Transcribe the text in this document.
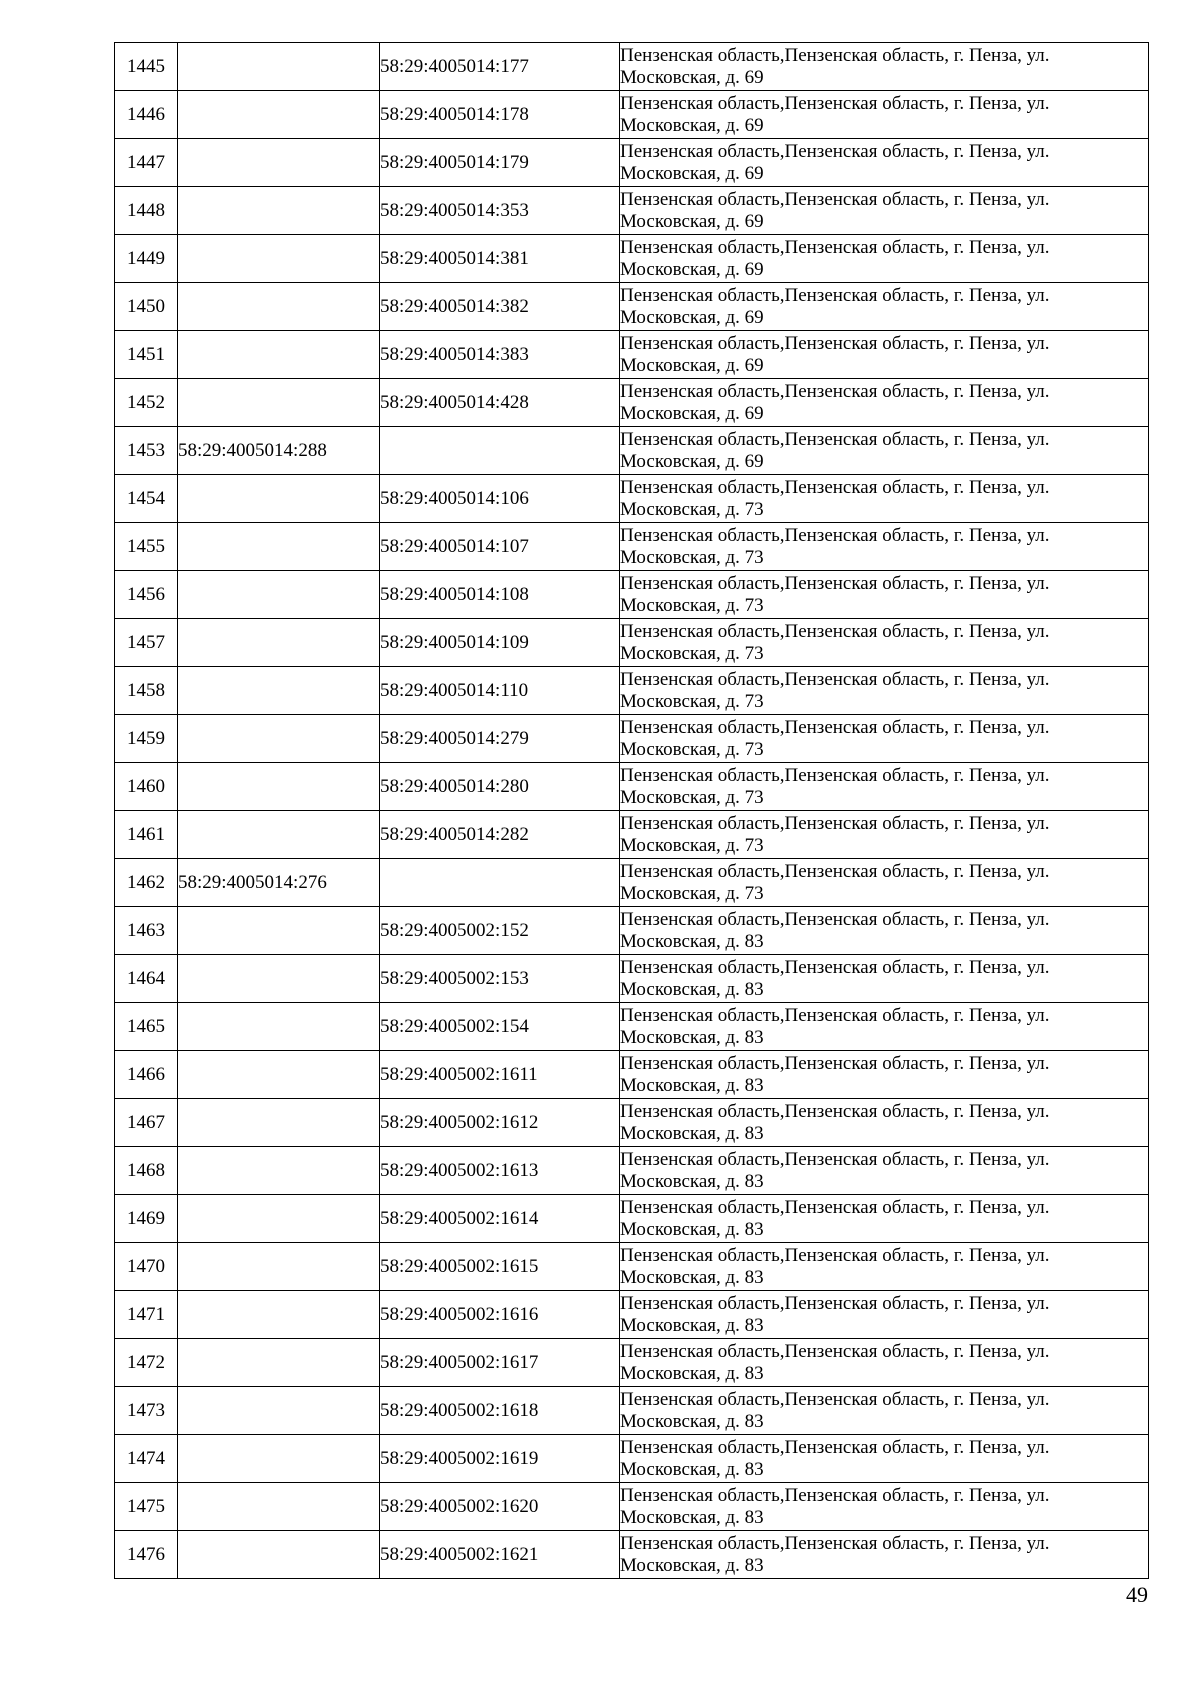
1445		58:29:4005014:177	Пензенская область,Пензенская область, г. Пенза, ул. Московская, д. 69
1446		58:29:4005014:178	Пензенская область,Пензенская область, г. Пенза, ул. Московская, д. 69
1447		58:29:4005014:179	Пензенская область,Пензенская область, г. Пенза, ул. Московская, д. 69
1448		58:29:4005014:353	Пензенская область,Пензенская область, г. Пенза, ул. Московская, д. 69
1449		58:29:4005014:381	Пензенская область,Пензенская область, г. Пенза, ул. Московская, д. 69
1450		58:29:4005014:382	Пензенская область,Пензенская область, г. Пенза, ул. Московская, д. 69
1451		58:29:4005014:383	Пензенская область,Пензенская область, г. Пенза, ул. Московская, д. 69
1452		58:29:4005014:428	Пензенская область,Пензенская область, г. Пенза, ул. Московская, д. 69
1453	58:29:4005014:288		Пензенская область,Пензенская область, г. Пенза, ул. Московская, д. 69
1454		58:29:4005014:106	Пензенская область,Пензенская область, г. Пенза, ул. Московская, д. 73
1455		58:29:4005014:107	Пензенская область,Пензенская область, г. Пенза, ул. Московская, д. 73
1456		58:29:4005014:108	Пензенская область,Пензенская область, г. Пенза, ул. Московская, д. 73
1457		58:29:4005014:109	Пензенская область,Пензенская область, г. Пенза, ул. Московская, д. 73
1458		58:29:4005014:110	Пензенская область,Пензенская область, г. Пенза, ул. Московская, д. 73
1459		58:29:4005014:279	Пензенская область,Пензенская область, г. Пенза, ул. Московская, д. 73
1460		58:29:4005014:280	Пензенская область,Пензенская область, г. Пенза, ул. Московская, д. 73
1461		58:29:4005014:282	Пензенская область,Пензенская область, г. Пенза, ул. Московская, д. 73
1462	58:29:4005014:276		Пензенская область,Пензенская область, г. Пенза, ул. Московская, д. 73
1463		58:29:4005002:152	Пензенская область,Пензенская область, г. Пенза, ул. Московская, д. 83
1464		58:29:4005002:153	Пензенская область,Пензенская область, г. Пенза, ул. Московская, д. 83
1465		58:29:4005002:154	Пензенская область,Пензенская область, г. Пенза, ул. Московская, д. 83
1466		58:29:4005002:1611	Пензенская область,Пензенская область, г. Пенза, ул. Московская, д. 83
1467		58:29:4005002:1612	Пензенская область,Пензенская область, г. Пенза, ул. Московская, д. 83
1468		58:29:4005002:1613	Пензенская область,Пензенская область, г. Пенза, ул. Московская, д. 83
1469		58:29:4005002:1614	Пензенская область,Пензенская область, г. Пенза, ул. Московская, д. 83
1470		58:29:4005002:1615	Пензенская область,Пензенская область, г. Пенза, ул. Московская, д. 83
1471		58:29:4005002:1616	Пензенская область,Пензенская область, г. Пенза, ул. Московская, д. 83
1472		58:29:4005002:1617	Пензенская область,Пензенская область, г. Пенза, ул. Московская, д. 83
1473		58:29:4005002:1618	Пензенская область,Пензенская область, г. Пенза, ул. Московская, д. 83
1474		58:29:4005002:1619	Пензенская область,Пензенская область, г. Пенза, ул. Московская, д. 83
1475		58:29:4005002:1620	Пензенская область,Пензенская область, г. Пенза, ул. Московская, д. 83
1476		58:29:4005002:1621	Пензенская область,Пензенская область, г. Пенза, ул. Московская, д. 83
49
